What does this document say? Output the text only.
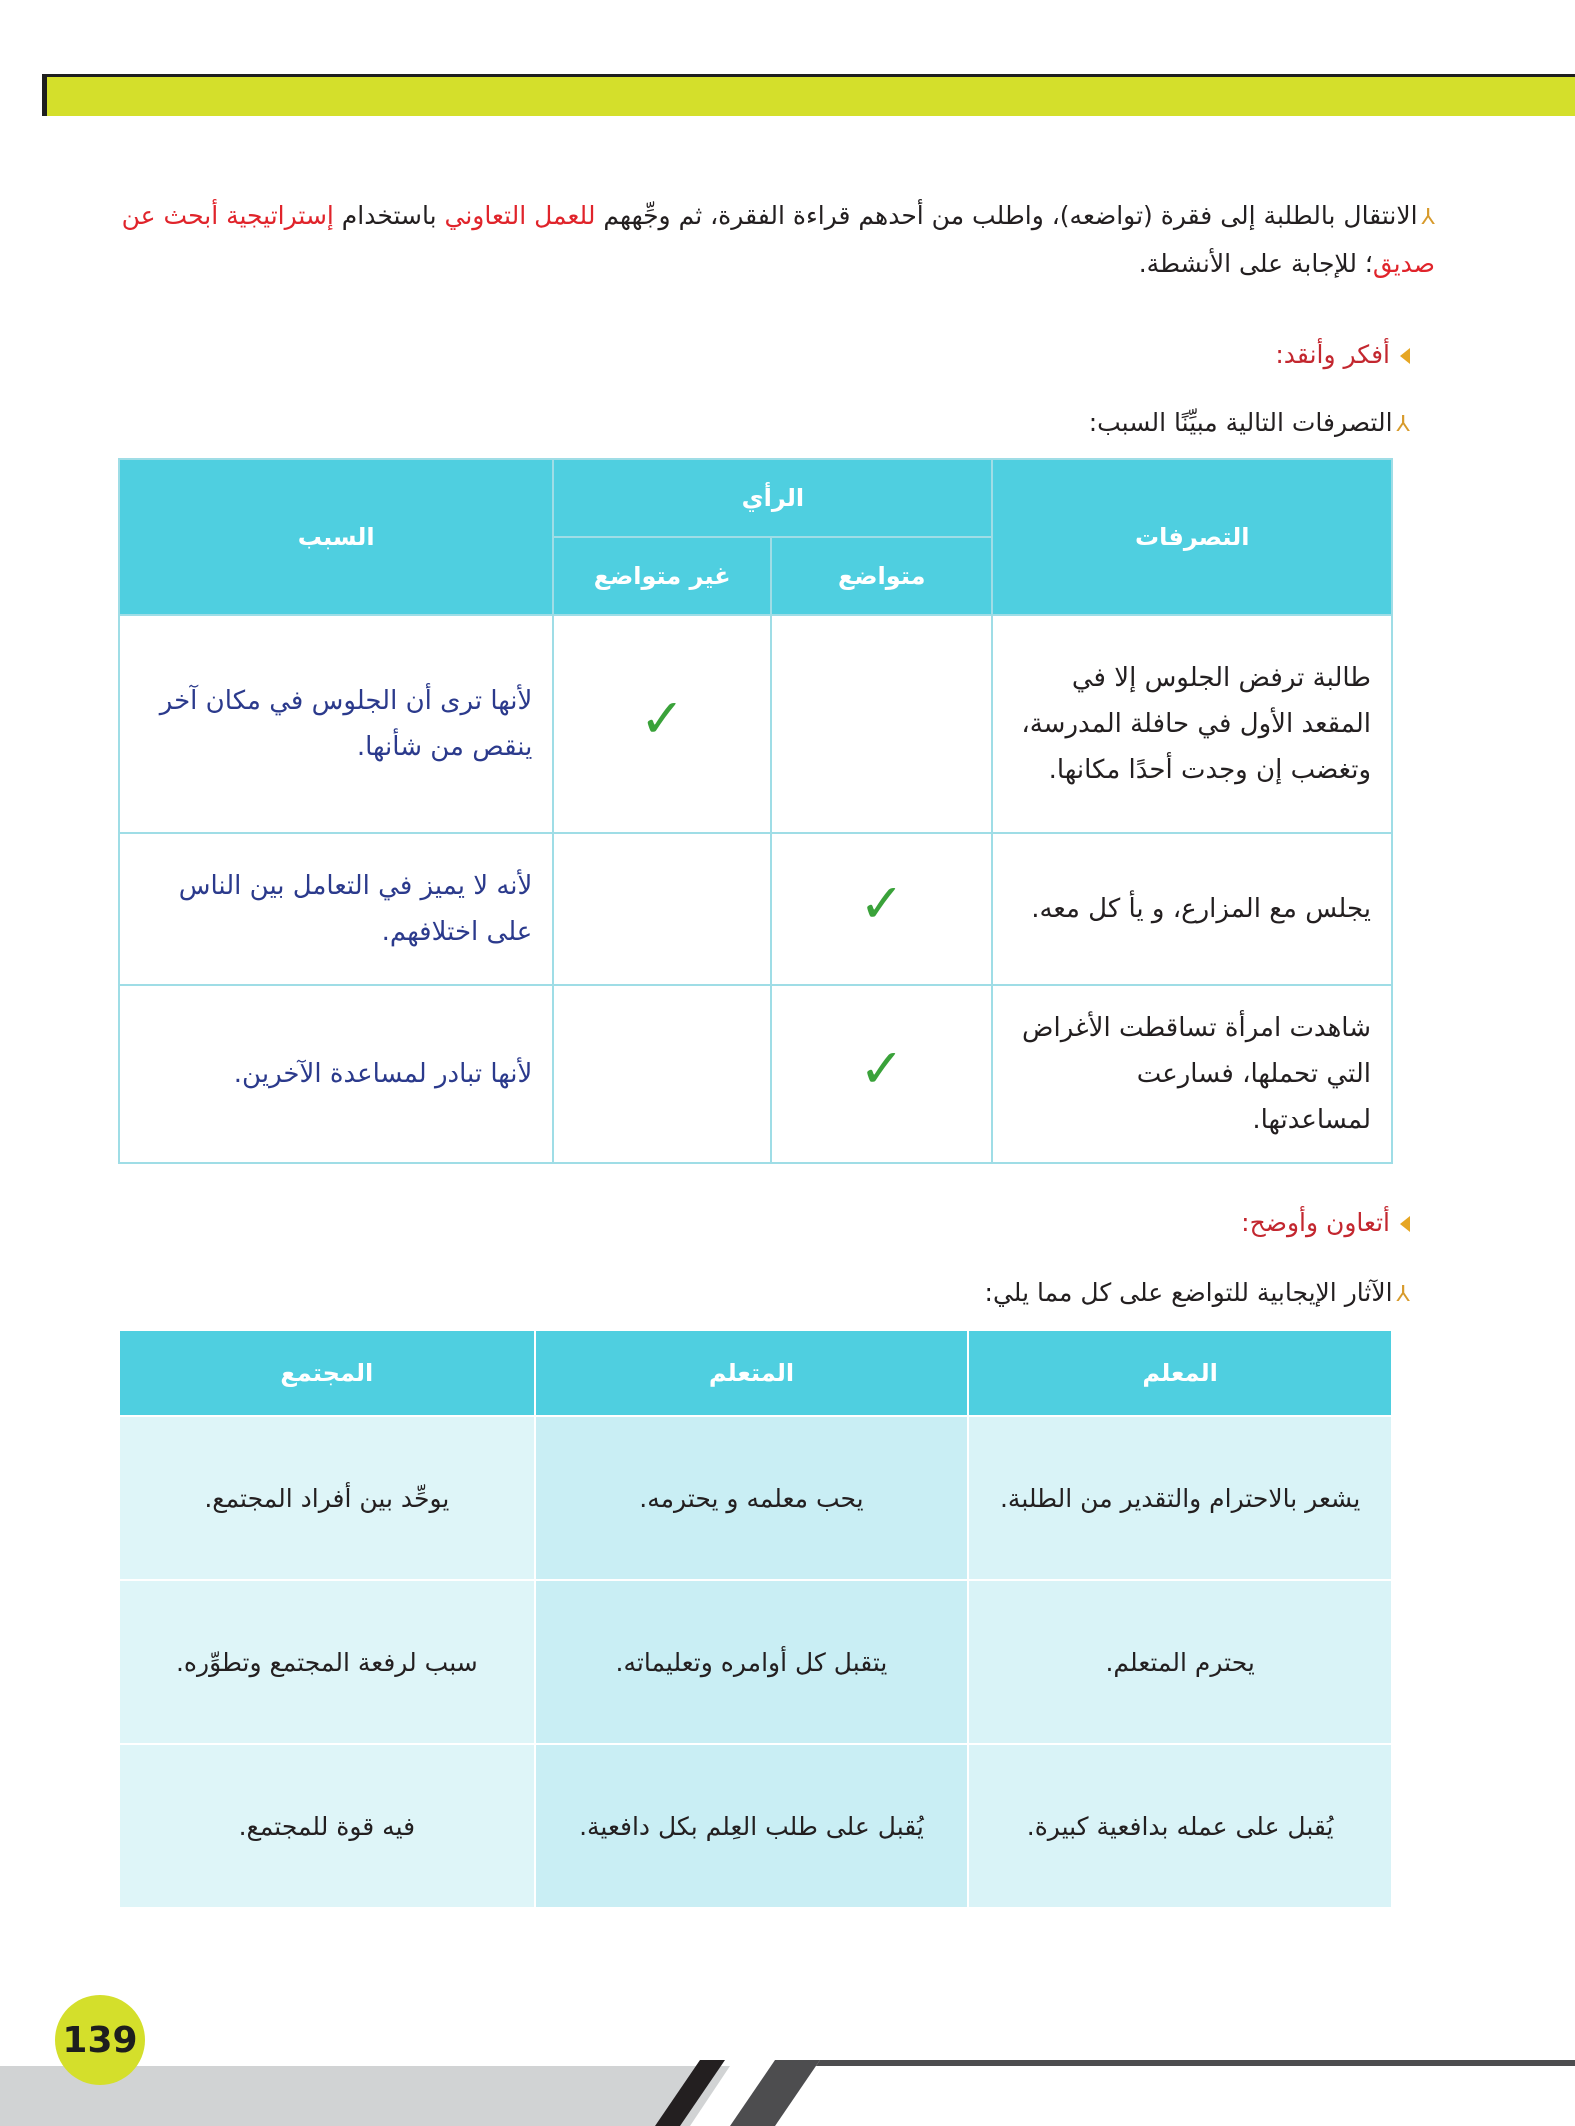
⅄الانتقال بالطلبة إلى فقرة (تواضعه)، واطلب من أحدهم قراءة الفقرة، ثم وجِّههم للعمل التعاوني باستخدام إستراتيجية أبحث عن صديق؛ للإجابة على الأنشطة.
أفكر وأنقد:
⅄التصرفات التالية مبيِّنًا السبب:
التصرفات	الرأي		السبب
	متواضع	غير متواضع	
طالبة ترفض الجلوس إلا في المقعد الأول في حافلة المدرسة، وتغضب إن وجدت أحدًا مكانها.		✓	لأنها ترى أن الجلوس في مكان آخر ينقص من شأنها.
يجلس مع المزارع، و يأ كل معه.	✓		لأنه لا يميز في التعامل بين الناس على اختلافهم.
شاهدت امرأة تساقطت الأغراض التي تحملها، فسارعت لمساعدتها.	✓		لأنها تبادر لمساعدة الآخرين.
أتعاون وأوضح:
⅄الآثار الإيجابية للتواضع على كل مما يلي:
المعلم	المتعلم	المجتمع
يشعر بالاحترام والتقدير من الطلبة.	يحب معلمه و يحترمه.	يوحِّد بين أفراد المجتمع.
يحترم المتعلم.	يتقبل كل أوامره وتعليماته.	سبب لرفعة المجتمع وتطوِّره.
يُقبل على عمله بدافعية كبيرة.	يُقبل على طلب العِلم بكل دافعية.	فيه قوة للمجتمع.
139
